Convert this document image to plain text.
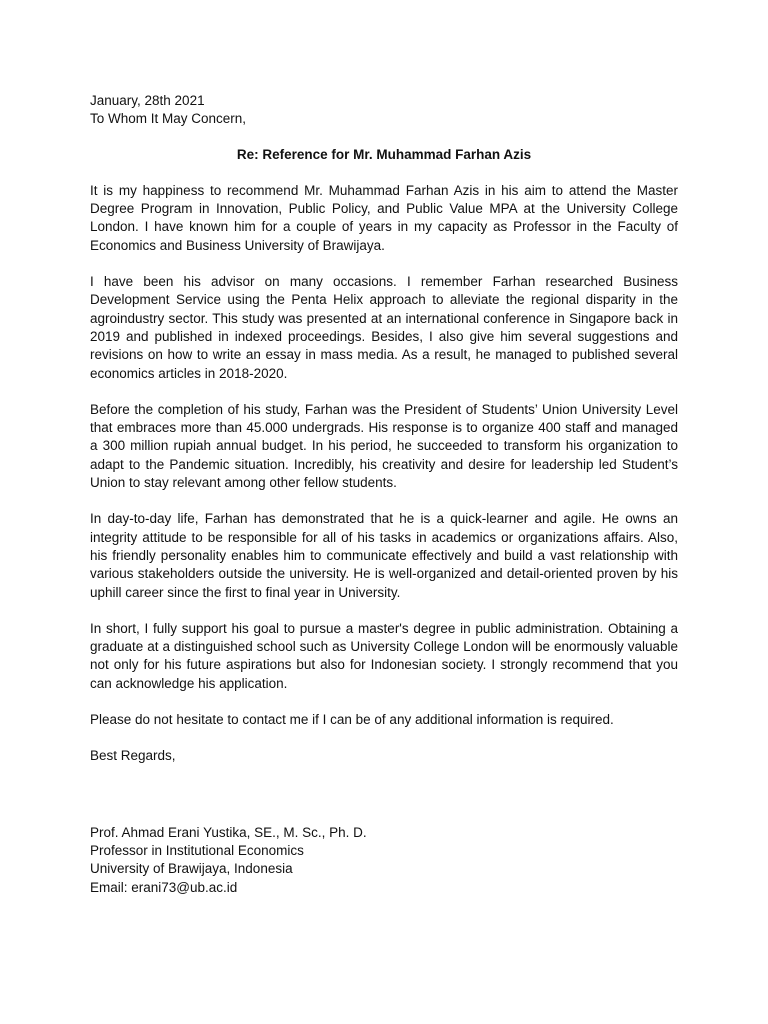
January, 28th 2021

To Whom It May Concern,

Re: Reference for Mr. Muhammad Farhan Azis

It is my happiness to recommend Mr. Muhammad Farhan Azis in his aim to attend the Master Degree Program in Innovation, Public Policy, and Public Value MPA at the University College London. I have known him for a couple of years in my capacity as Professor in the Faculty of Economics and Business University of Brawijaya.

I have been his advisor on many occasions. I remember Farhan researched Business Development Service using the Penta Helix approach to alleviate the regional disparity in the agroindustry sector. This study was presented at an international conference in Singapore back in 2019 and published in indexed proceedings. Besides, I also give him several suggestions and revisions on how to write an essay in mass media. As a result, he managed to published several economics articles in 2018-2020.

Before the completion of his study, Farhan was the President of Students’ Union University Level that embraces more than 45.000 undergrads. His response is to organize 400 staff and managed a 300 million rupiah annual budget. In his period, he succeeded to transform his organization to adapt to the Pandemic situation. Incredibly, his creativity and desire for leadership led Student’s Union to stay relevant among other fellow students.

In day-to-day life, Farhan has demonstrated that he is a quick-learner and agile. He owns an integrity attitude to be responsible for all of his tasks in academics or organizations affairs. Also, his friendly personality enables him to communicate effectively and build a vast relationship with various stakeholders outside the university. He is well-organized and detail-oriented proven by his uphill career since the first to final year in University.

In short, I fully support his goal to pursue a master's degree in public administration. Obtaining a graduate at a distinguished school such as University College London will be enormously valuable not only for his future aspirations but also for Indonesian society. I strongly recommend that you can acknowledge his application.

Please do not hesitate to contact me if I can be of any additional information is required.

Best Regards,

Prof. Ahmad Erani Yustika, SE., M. Sc., Ph. D.

Professor in Institutional Economics

University of Brawijaya, Indonesia

Email: erani73@ub.ac.id
